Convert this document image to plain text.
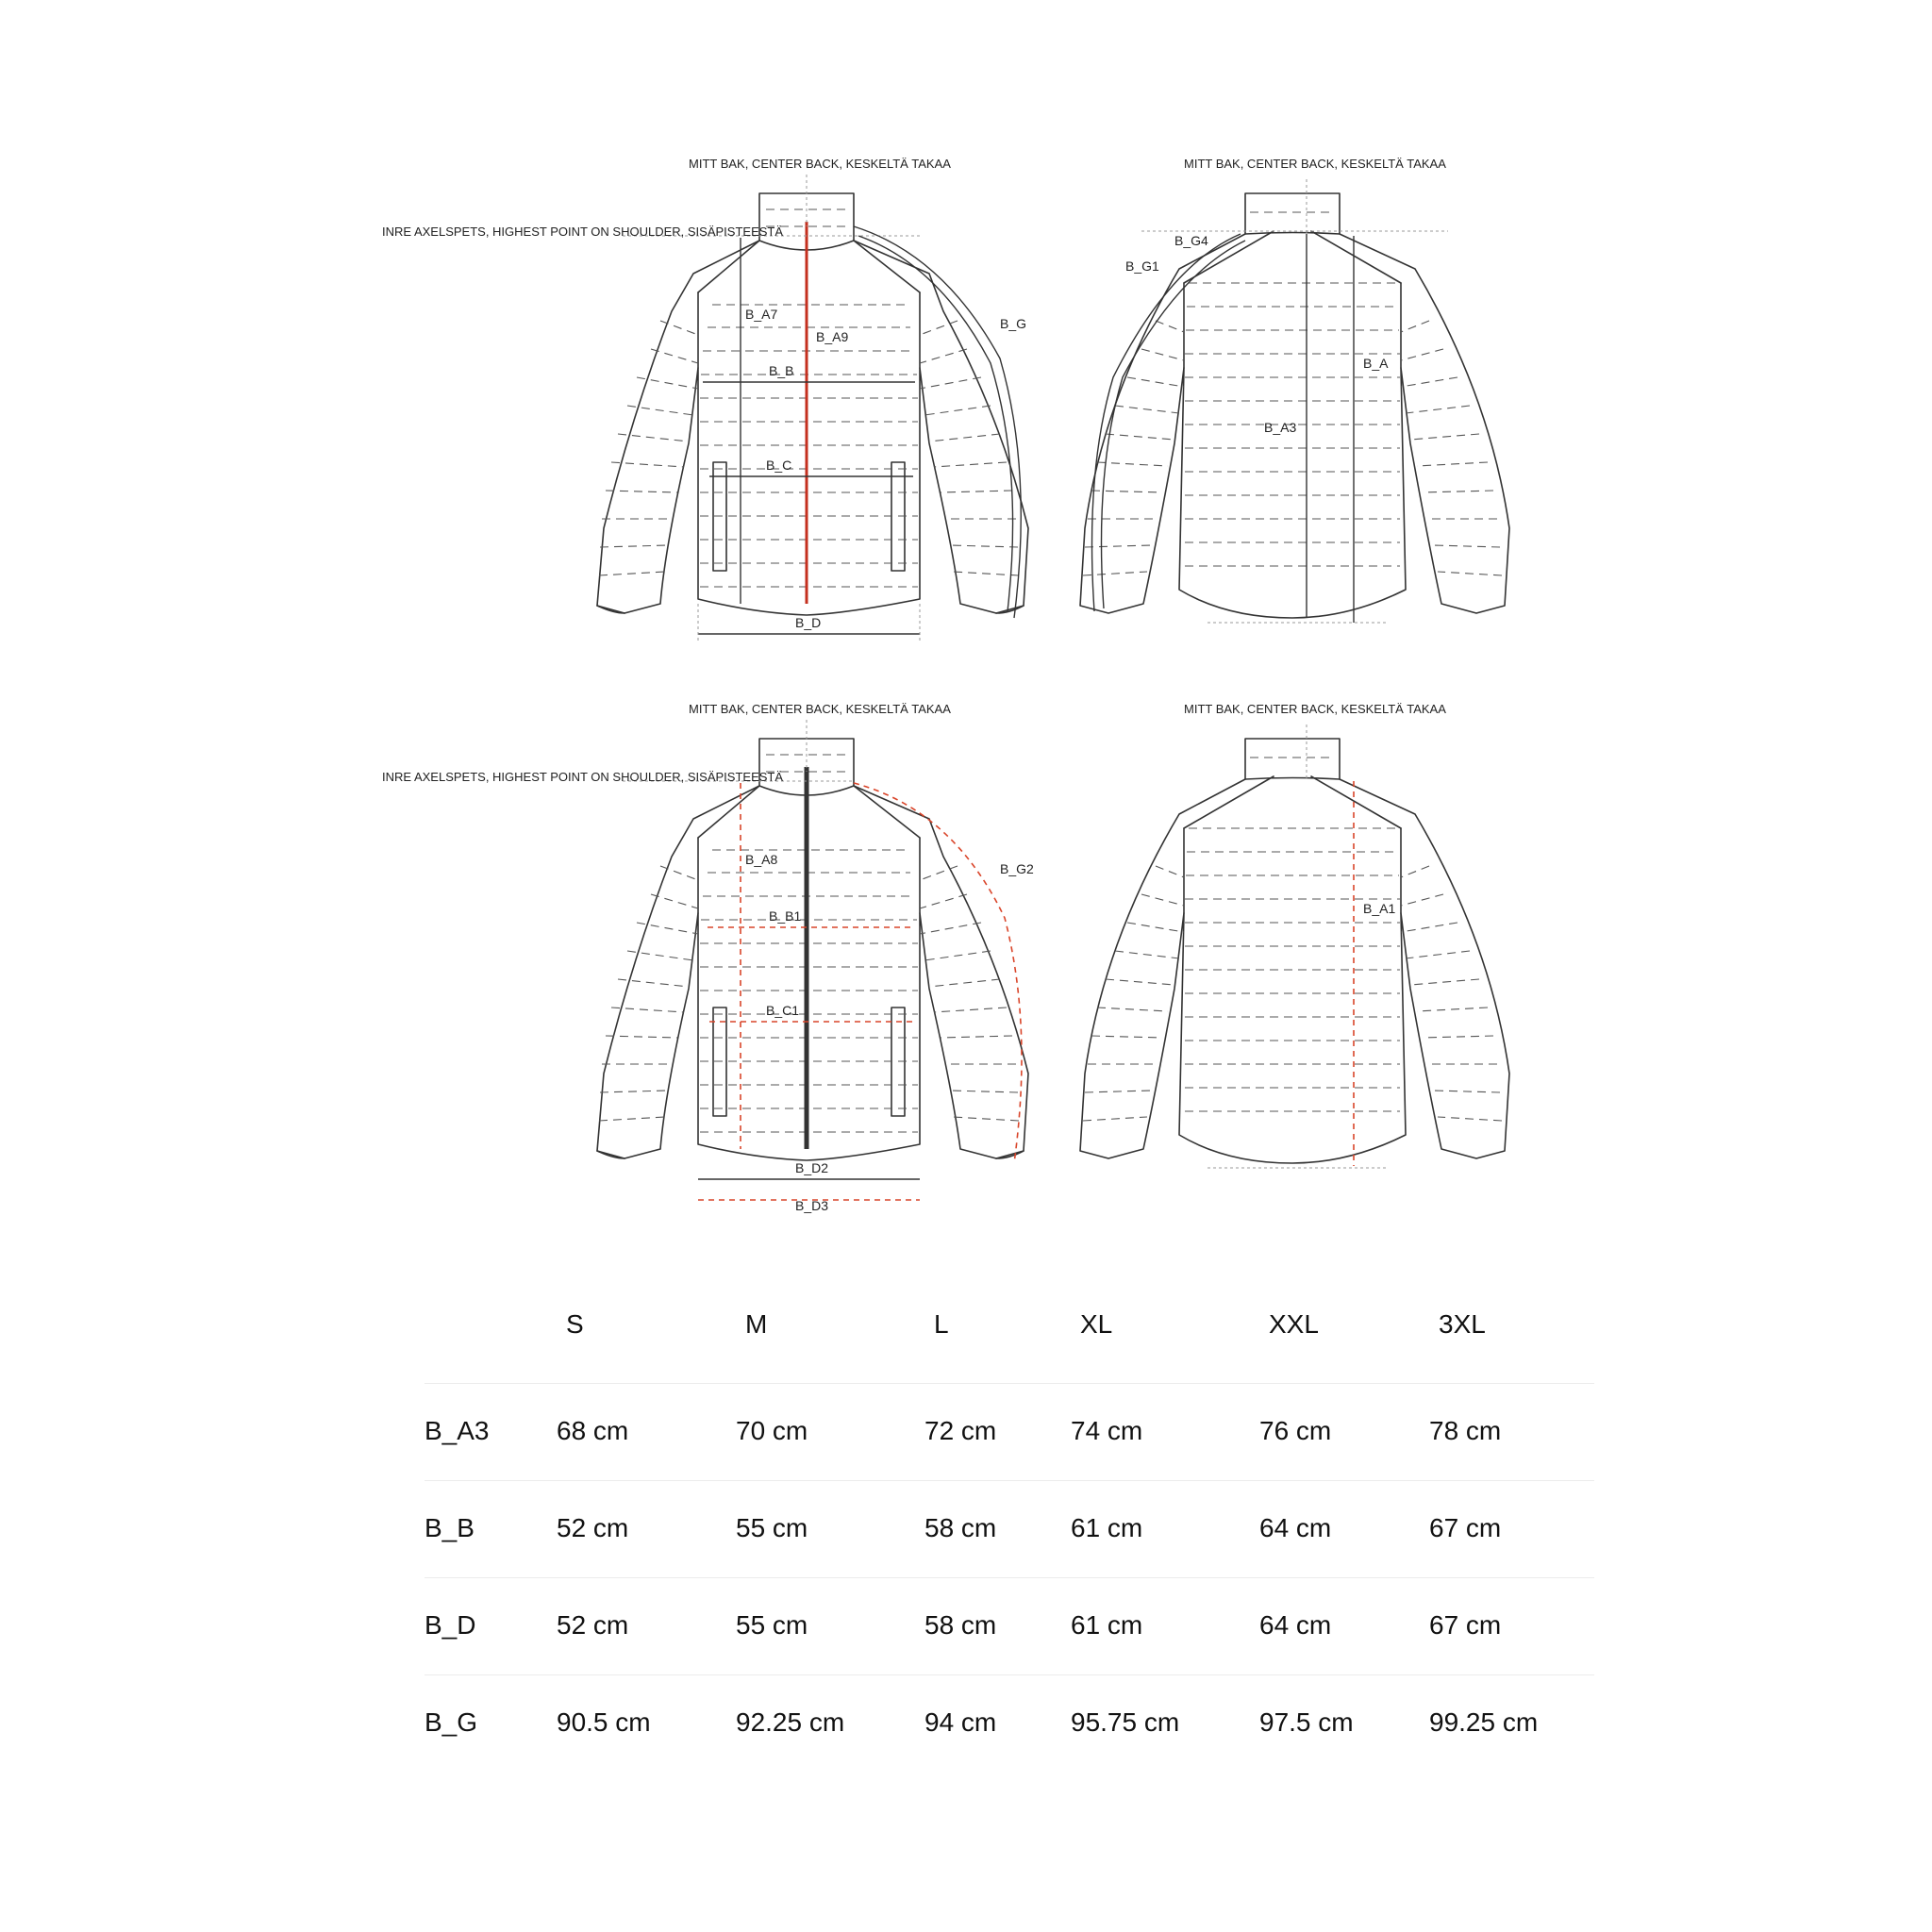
MITT BAK, CENTER BACK, KESKELTÄ TAKAA
INRE AXELSPETS, HIGHEST POINT ON SHOULDER, SISÄPISTEESTÄ
B_A7
B_A9
B_B
B_C
B_D
B_G
MITT BAK, CENTER BACK, KESKELTÄ TAKAA
B_G4
B_G1
B_A
B_A3
MITT BAK, CENTER BACK, KESKELTÄ TAKAA
INRE AXELSPETS, HIGHEST POINT ON SHOULDER, SISÄPISTEESTÄ
B_A8
B_B1
B_C1
B_D2
B_D3
B_G2
MITT BAK, CENTER BACK, KESKELTÄ TAKAA
B_A1
S	M	L	XL	XXL	3XL
B_A3	68 cm	70 cm	72 cm	74 cm	76 cm	78 cm
B_B	52 cm	55 cm	58 cm	61 cm	64 cm	67 cm
B_D	52 cm	55 cm	58 cm	61 cm	64 cm	67 cm
B_G	90.5 cm	92.25 cm	94 cm	95.75 cm	97.5 cm	99.25 cm
